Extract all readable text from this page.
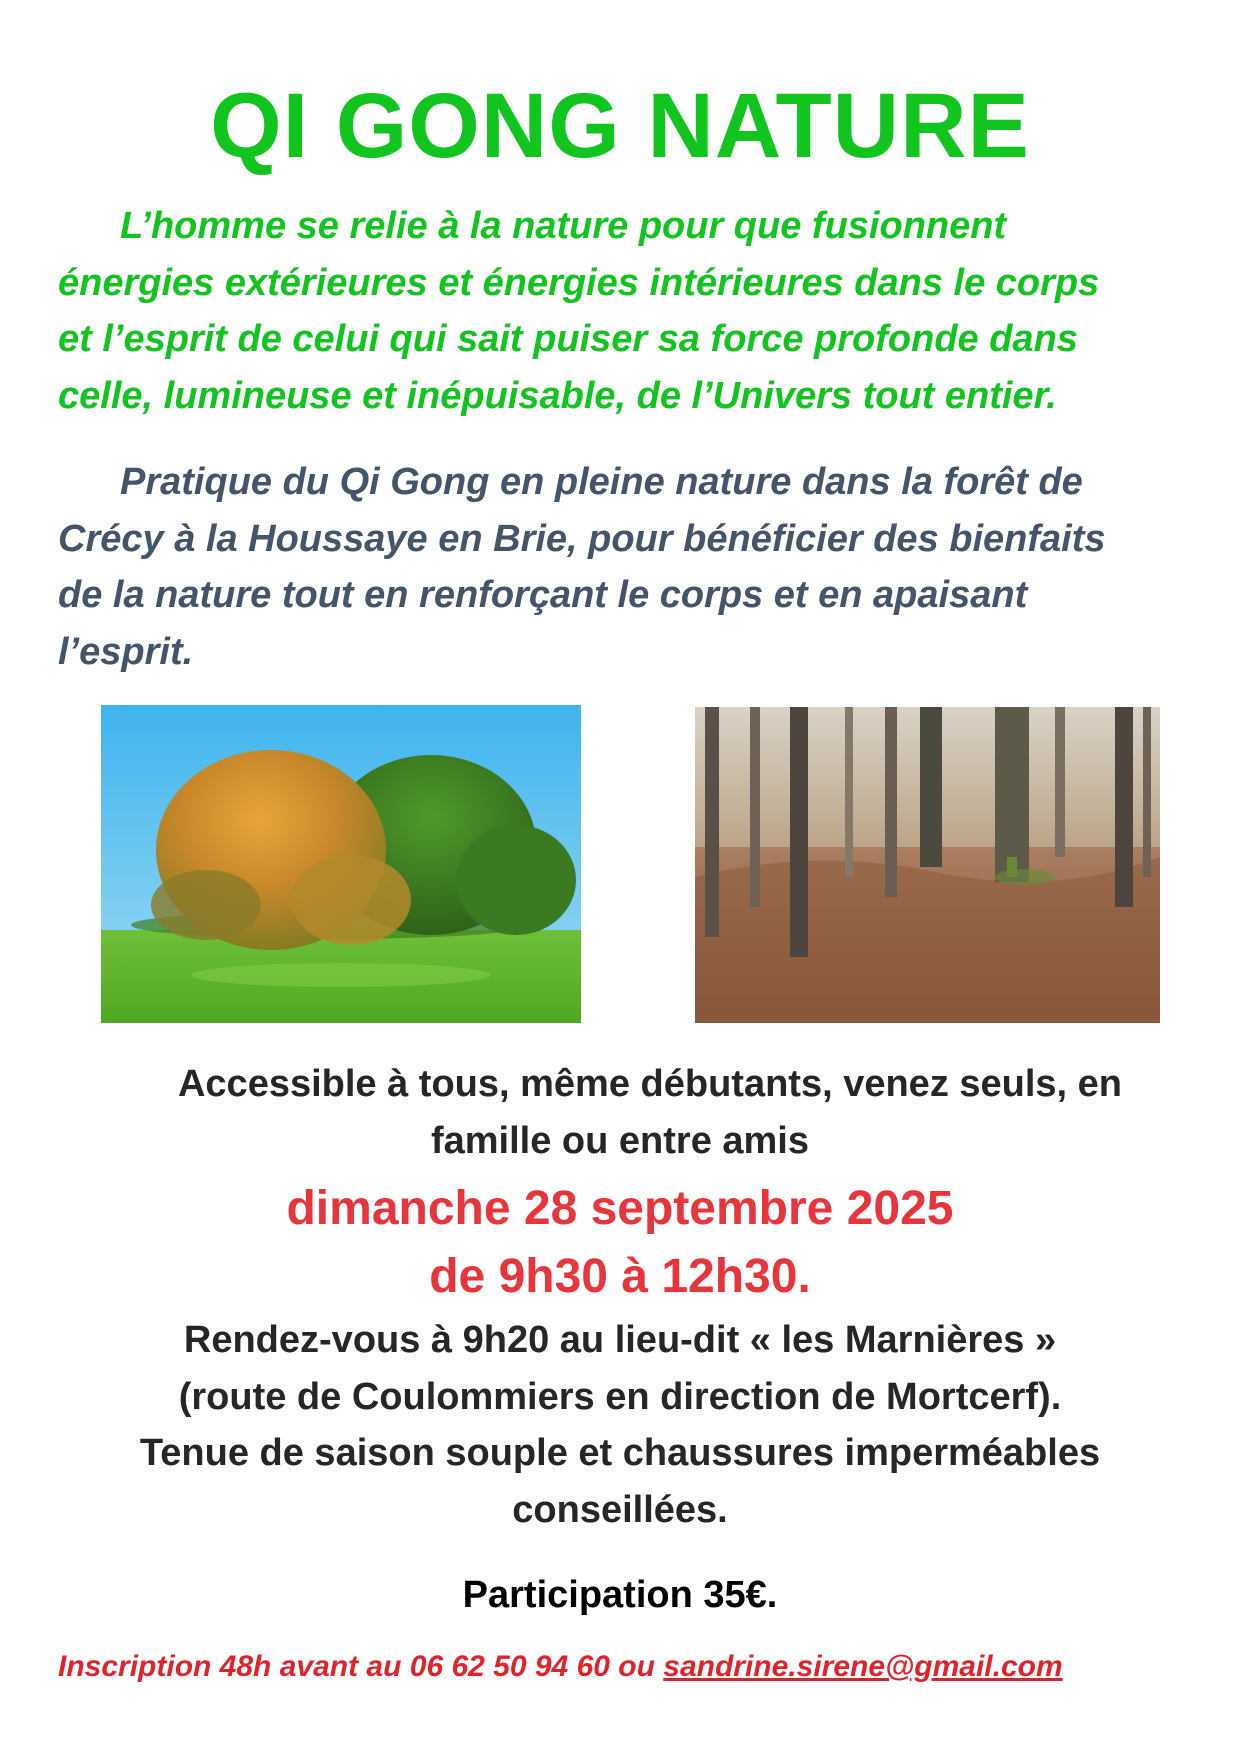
QI GONG NATURE
L’homme se relie à la nature pour que fusionnent
énergies extérieures et énergies intérieures dans le corps
et l’esprit de celui qui sait puiser sa force profonde dans
celle, lumineuse et inépuisable, de l’Univers tout entier.
Pratique du Qi Gong en pleine nature dans la forêt de
Crécy à la Houssaye en Brie, pour bénéficier des bienfaits
de la nature tout en renforçant le corps et en apaisant
l’esprit.
Accessible à tous, même débutants, venez seuls, en
famille ou entre amis
dimanche 28 septembre 2025
de 9h30 à 12h30.
Rendez-vous à 9h20 au lieu-dit « les Marnières »
(route de Coulommiers en direction de Mortcerf).
Tenue de saison souple et chaussures imperméables
conseillées.
Participation 35€.
Inscription 48h avant au 06 62 50 94 60 ou sandrine.sirene@gmail.com
